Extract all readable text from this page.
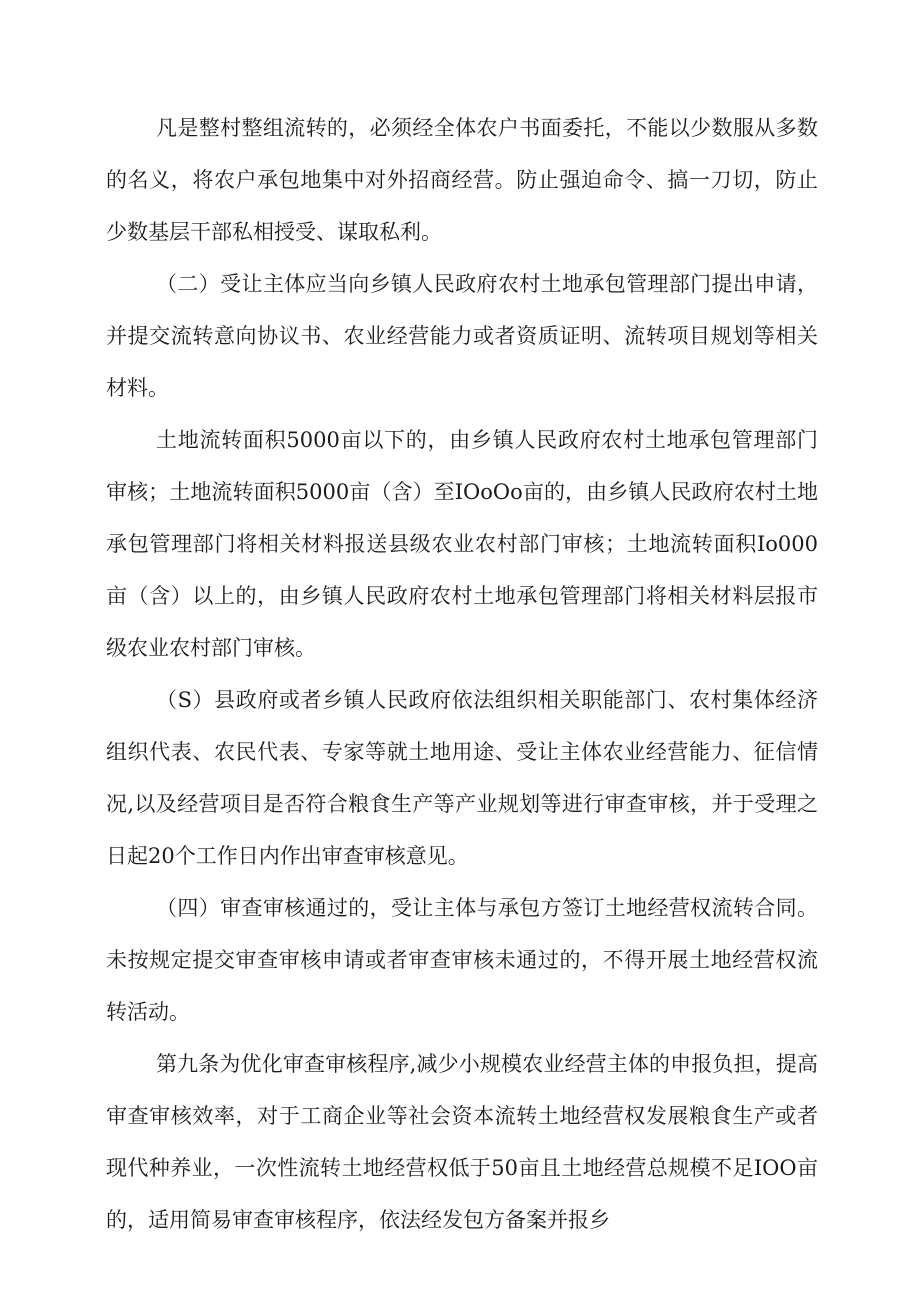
凡是整村整组流转的，必须经全体农户书面委托，不能以少数服从多数的名义，将农户承包地集中对外招商经营。防止强迫命令、搞一刀切，防止少数基层干部私相授受、谋取私利。

（二）受让主体应当向乡镇人民政府农村土地承包管理部门提出申请，并提交流转意向协议书、农业经营能力或者资质证明、流转项目规划等相关材料。

土地流转面积5000亩以下的，由乡镇人民政府农村土地承包管理部门审核；土地流转面积5000亩（含）至IOoOo亩的，由乡镇人民政府农村土地承包管理部门将相关材料报送县级农业农村部门审核；土地流转面积Io000亩（含）以上的，由乡镇人民政府农村土地承包管理部门将相关材料层报市级农业农村部门审核。

（S）县政府或者乡镇人民政府依法组织相关职能部门、农村集体经济组织代表、农民代表、专家等就土地用途、受让主体农业经营能力、征信情况,以及经营项目是否符合粮食生产等产业规划等进行审查审核，并于受理之日起20个工作日内作出审查审核意见。

（四）审查审核通过的，受让主体与承包方签订土地经营权流转合同。未按规定提交审查审核申请或者审查审核未通过的，不得开展土地经营权流转活动。

第九条为优化审查审核程序,减少小规模农业经营主体的申报负担，提高审查审核效率，对于工商企业等社会资本流转土地经营权发展粮食生产或者现代种养业，一次性流转土地经营权低于50亩且土地经营总规模不足IOO亩的，适用简易审查审核程序，依法经发包方备案并报乡
